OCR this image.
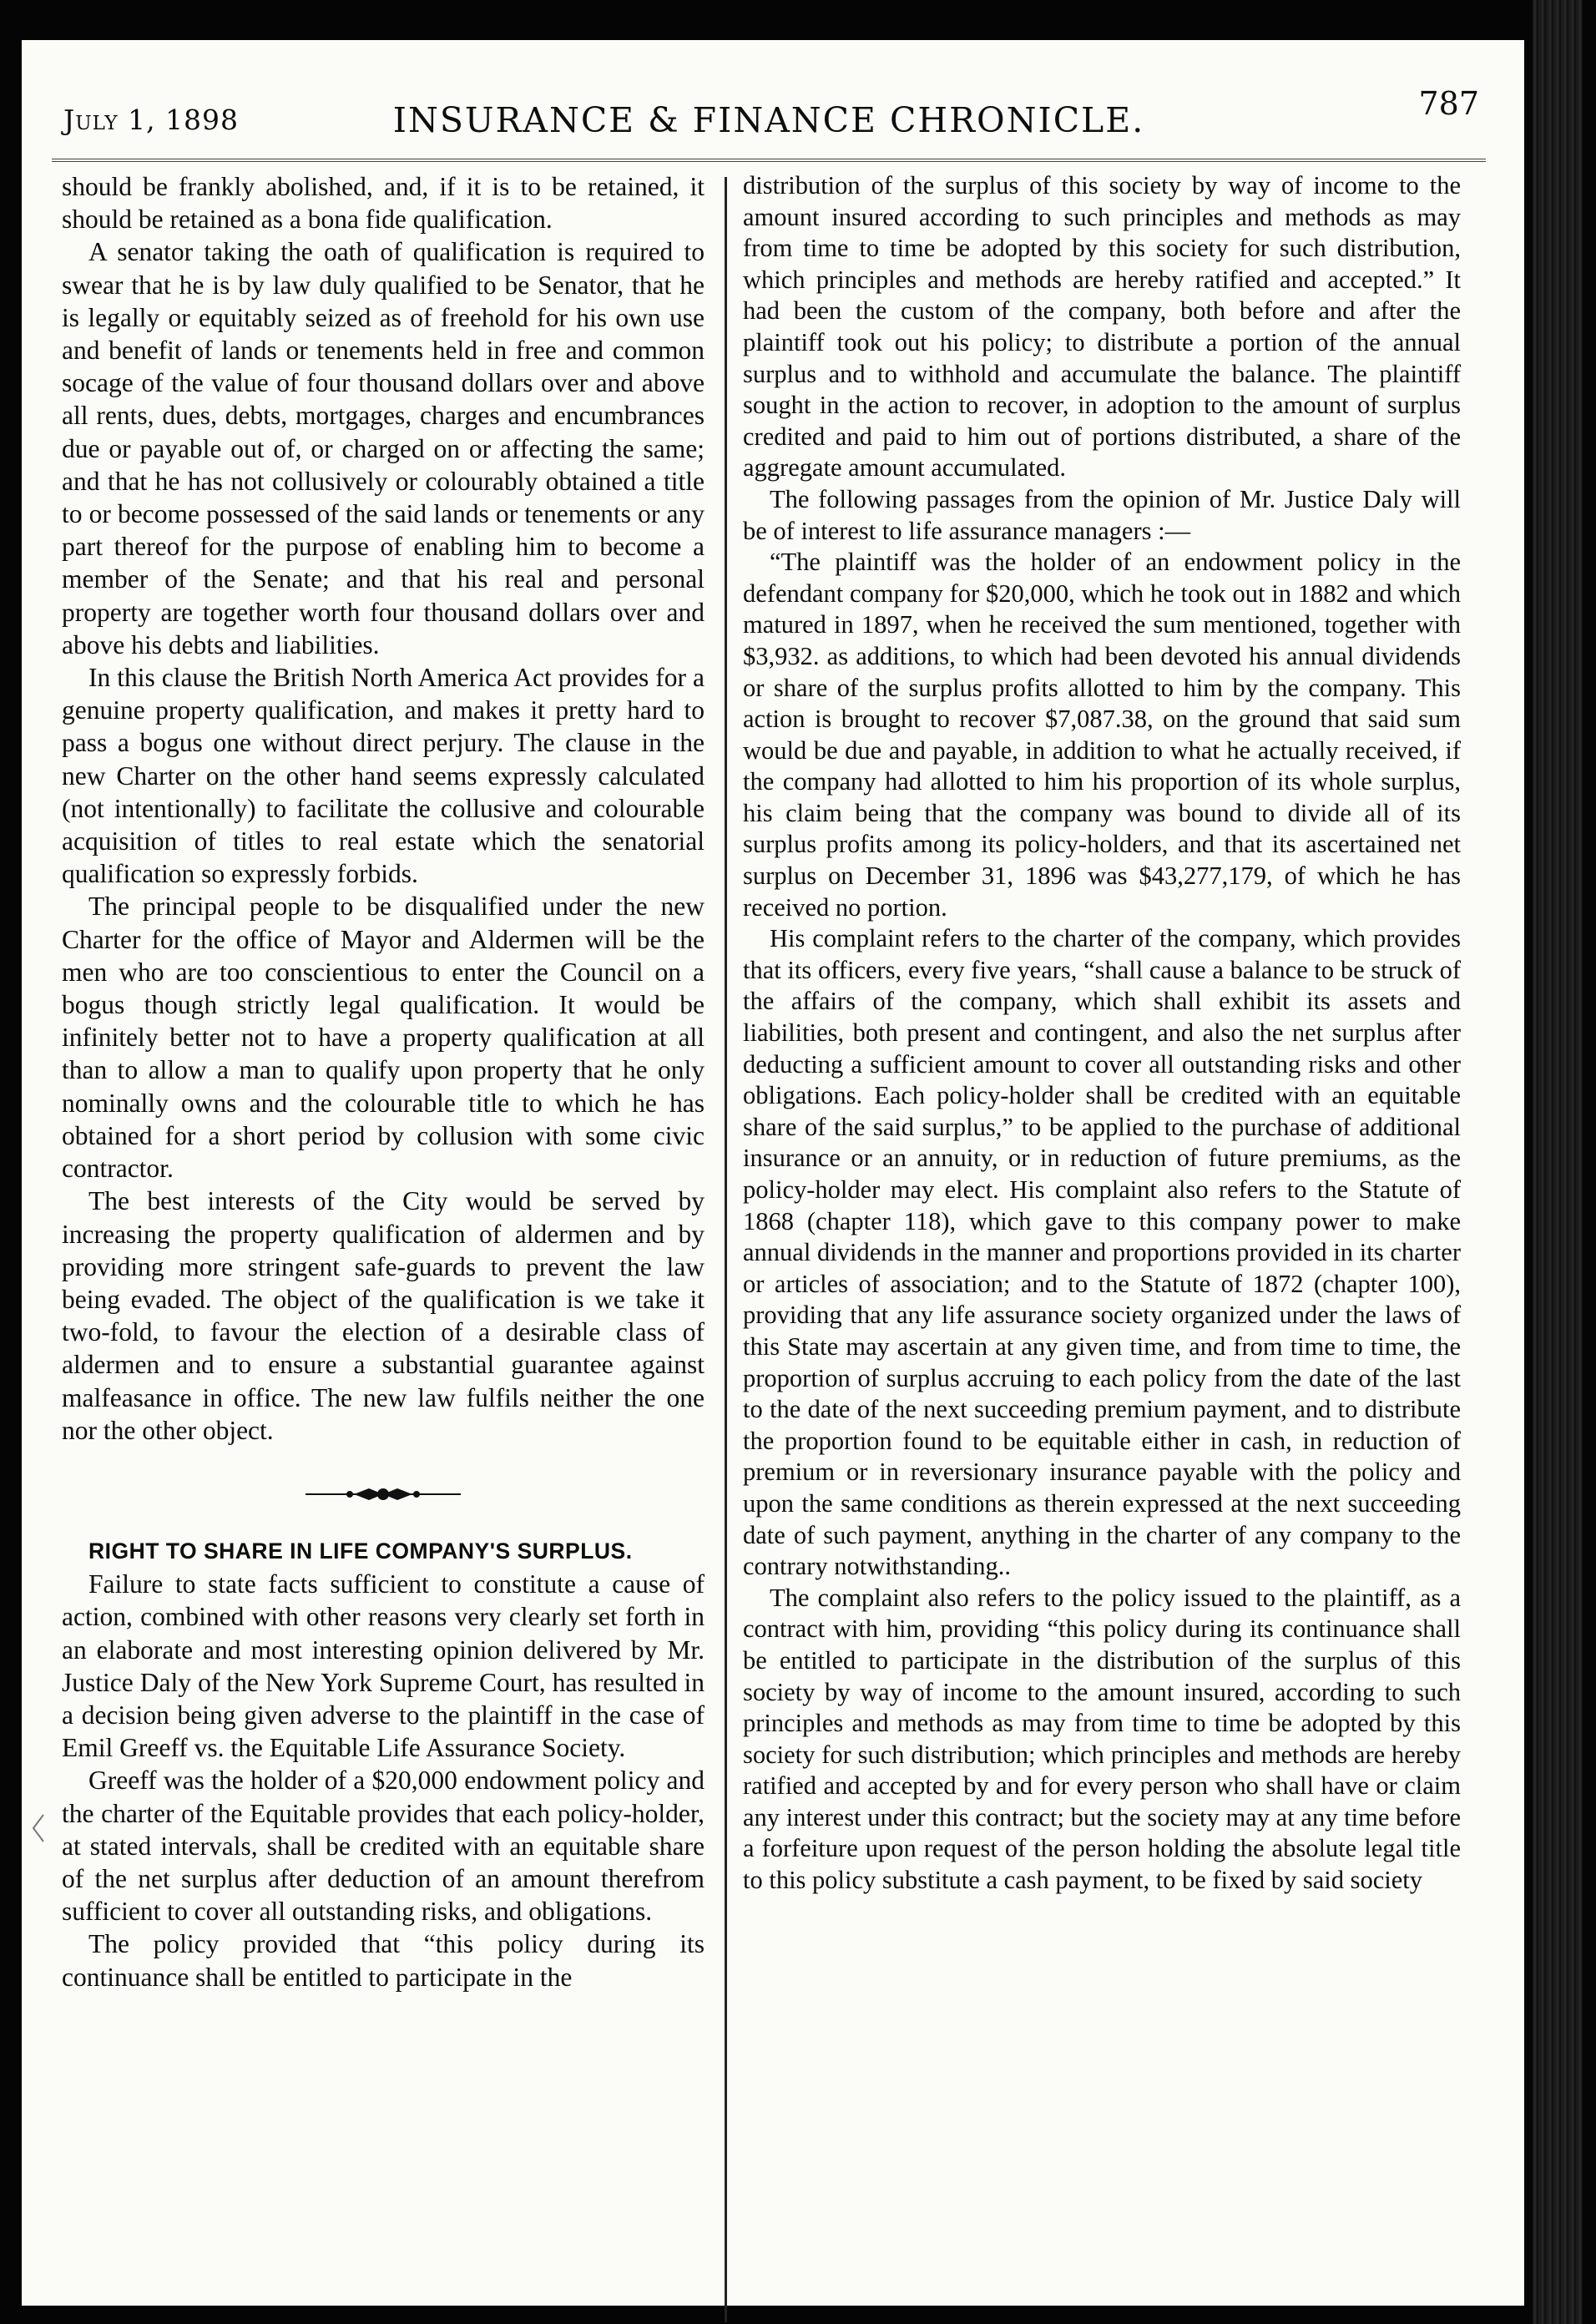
July 1, 1898	INSURANCE & FINANCE CHRONICLE.	787

should be frankly abolished, and, if it is to be retained, it should be retained as a bona fide qualification.

A senator taking the oath of qualification is required to swear that he is by law duly qualified to be Senator, that he is legally or equitably seized as of freehold for his own use and benefit of lands or tenements held in free and common socage of the value of four thousand dollars over and above all rents, dues, debts, mortgages, charges and encumbrances due or payable out of, or charged on or affecting the same; and that he has not collusively or colourably obtained a title to or become possessed of the said lands or tenements or any part thereof for the purpose of enabling him to become a member of the Senate; and that his real and personal property are together worth four thousand dollars over and above his debts and liabilities.

In this clause the British North America Act provides for a genuine property qualification, and makes it pretty hard to pass a bogus one without direct perjury. The clause in the new Charter on the other hand seems expressly calculated (not intentionally) to facilitate the collusive and colourable acquisition of titles to real estate which the senatorial qualification so expressly forbids.

The principal people to be disqualified under the new Charter for the office of Mayor and Aldermen will be the men who are too conscientious to enter the Council on a bogus though strictly legal qualification. It would be infinitely better not to have a property qualification at all than to allow a man to qualify upon property that he only nominally owns and the colourable title to which he has obtained for a short period by collusion with some civic contractor.

The best interests of the City would be served by increasing the property qualification of aldermen and by providing more stringent safe-guards to prevent the law being evaded. The object of the qualification is we take it two-fold, to favour the election of a desirable class of aldermen and to ensure a substantial guarantee against malfeasance in office. The new law fulfils neither the one nor the other object.

RIGHT TO SHARE IN LIFE COMPANY'S SURPLUS.

Failure to state facts sufficient to constitute a cause of action, combined with other reasons very clearly set forth in an elaborate and most interesting opinion delivered by Mr. Justice Daly of the New York Supreme Court, has resulted in a decision being given adverse to the plaintiff in the case of Emil Greeff vs. the Equitable Life Assurance Society.

Greeff was the holder of a $20,000 endowment policy and the charter of the Equitable provides that each policy-holder, at stated intervals, shall be credited with an equitable share of the net surplus after deduction of an amount therefrom sufficient to cover all outstanding risks, and obligations.

The policy provided that “this policy during its continuance shall be entitled to participate in the

distribution of the surplus of this society by way of income to the amount insured according to such principles and methods as may from time to time be adopted by this society for such distribution, which principles and methods are hereby ratified and accepted.” It had been the custom of the company, both before and after the plaintiff took out his policy; to distribute a portion of the annual surplus and to withhold and accumulate the balance. The plaintiff sought in the action to recover, in adoption to the amount of surplus credited and paid to him out of portions distributed, a share of the aggregate amount accumulated.

The following passages from the opinion of Mr. Justice Daly will be of interest to life assurance managers :—

“The plaintiff was the holder of an endowment policy in the defendant company for $20,000, which he took out in 1882 and which matured in 1897, when he received the sum mentioned, together with $3,932. as additions, to which had been devoted his annual dividends or share of the surplus profits allotted to him by the company. This action is brought to recover $7,087.38, on the ground that said sum would be due and payable, in addition to what he actually received, if the company had allotted to him his proportion of its whole surplus, his claim being that the company was bound to divide all of its surplus profits among its policy-holders, and that its ascertained net surplus on December 31, 1896 was $43,277,179, of which he has received no portion.

His complaint refers to the charter of the company, which provides that its officers, every five years, “shall cause a balance to be struck of the affairs of the company, which shall exhibit its assets and liabilities, both present and contingent, and also the net surplus after deducting a sufficient amount to cover all outstanding risks and other obligations. Each policy-holder shall be credited with an equitable share of the said surplus,” to be applied to the purchase of additional insurance or an annuity, or in reduction of future premiums, as the policy-holder may elect. His complaint also refers to the Statute of 1868 (chapter 118), which gave to this company power to make annual dividends in the manner and proportions provided in its charter or articles of association; and to the Statute of 1872 (chapter 100), providing that any life assurance society organized under the laws of this State may ascertain at any given time, and from time to time, the proportion of surplus accruing to each policy from the date of the last to the date of the next succeeding premium payment, and to distribute the proportion found to be equitable either in cash, in reduction of premium or in reversionary insurance payable with the policy and upon the same conditions as therein expressed at the next succeeding date of such payment, anything in the charter of any company to the contrary notwithstanding..

The complaint also refers to the policy issued to the plaintiff, as a contract with him, providing “this policy during its continuance shall be entitled to participate in the distribution of the surplus of this society by way of income to the amount insured, according to such principles and methods as may from time to time be adopted by this society for such distribution; which principles and methods are hereby ratified and accepted by and for every person who shall have or claim any interest under this contract; but the society may at any time before a forfeiture upon request of the person holding the absolute legal title to this policy substitute a cash payment, to be fixed by said society
